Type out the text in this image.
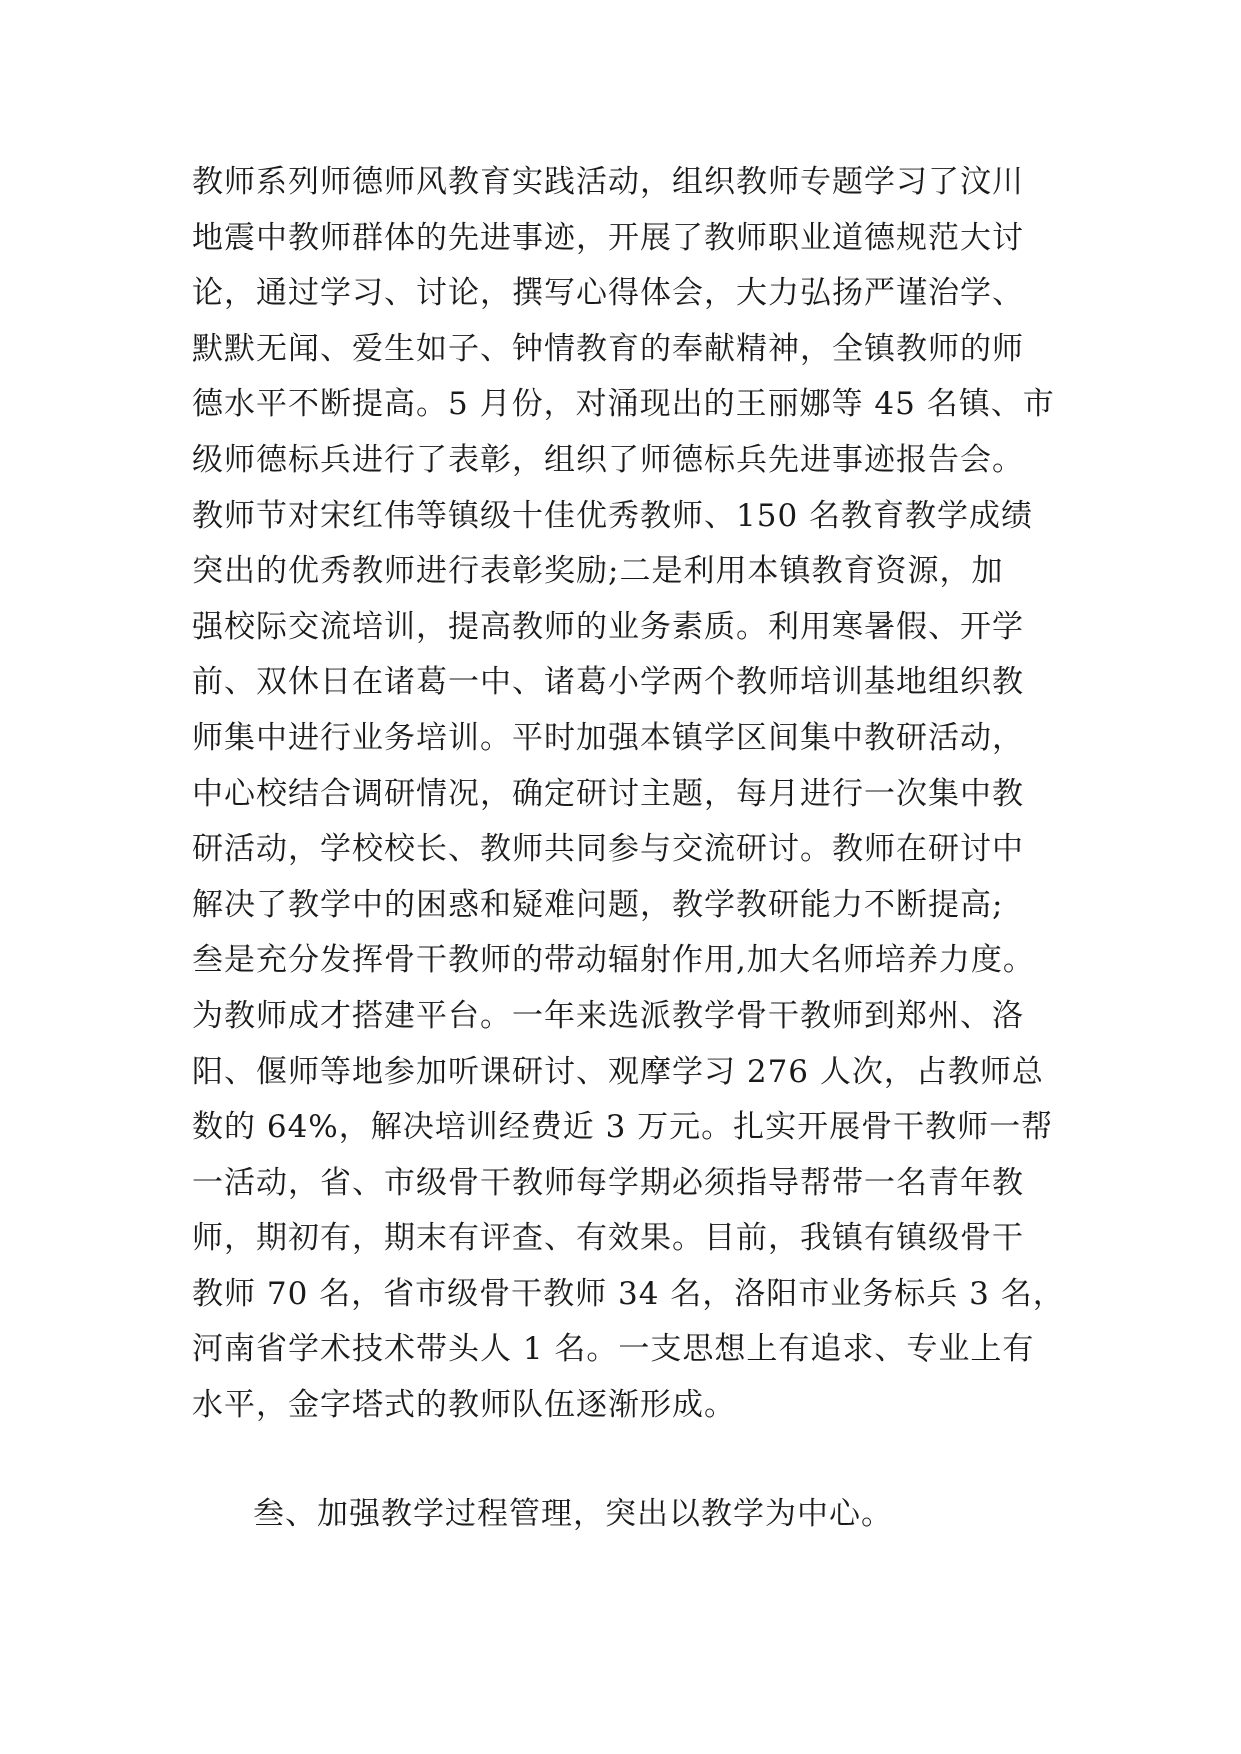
教师系列师德师风教育实践活动，组织教师专题学习了汶川
地震中教师群体的先进事迹，开展了教师职业道德规范大讨
论，通过学习、讨论，撰写心得体会，大力弘扬严谨治学、
默默无闻、爱生如子、钟情教育的奉献精神，全镇教师的师
德水平不断提高。5 月份，对涌现出的王丽娜等 45 名镇、市
级师德标兵进行了表彰，组织了师德标兵先进事迹报告会。
教师节对宋红伟等镇级十佳优秀教师、150 名教育教学成绩
突出的优秀教师进行表彰奖励;二是利用本镇教育资源，加
强校际交流培训，提高教师的业务素质。利用寒暑假、开学
前、双休日在诸葛一中、诸葛小学两个教师培训基地组织教
师集中进行业务培训。平时加强本镇学区间集中教研活动，
中心校结合调研情况，确定研讨主题，每月进行一次集中教
研活动，学校校长、教师共同参与交流研讨。教师在研讨中
解决了教学中的困惑和疑难问题，教学教研能力不断提高;
叁是充分发挥骨干教师的带动辐射作用,加大名师培养力度。
为教师成才搭建平台。一年来选派教学骨干教师到郑州、洛
阳、偃师等地参加听课研讨、观摩学习 276 人次，占教师总
数的 64%，解决培训经费近 3 万元。扎实开展骨干教师一帮
一活动，省、市级骨干教师每学期必须指导帮带一名青年教
师，期初有，期末有评查、有效果。目前，我镇有镇级骨干
教师 70 名，省市级骨干教师 34 名，洛阳市业务标兵 3 名，
河南省学术技术带头人 1 名。一支思想上有追求、专业上有
水平，金字塔式的教师队伍逐渐形成。
叁、加强教学过程管理，突出以教学为中心。
